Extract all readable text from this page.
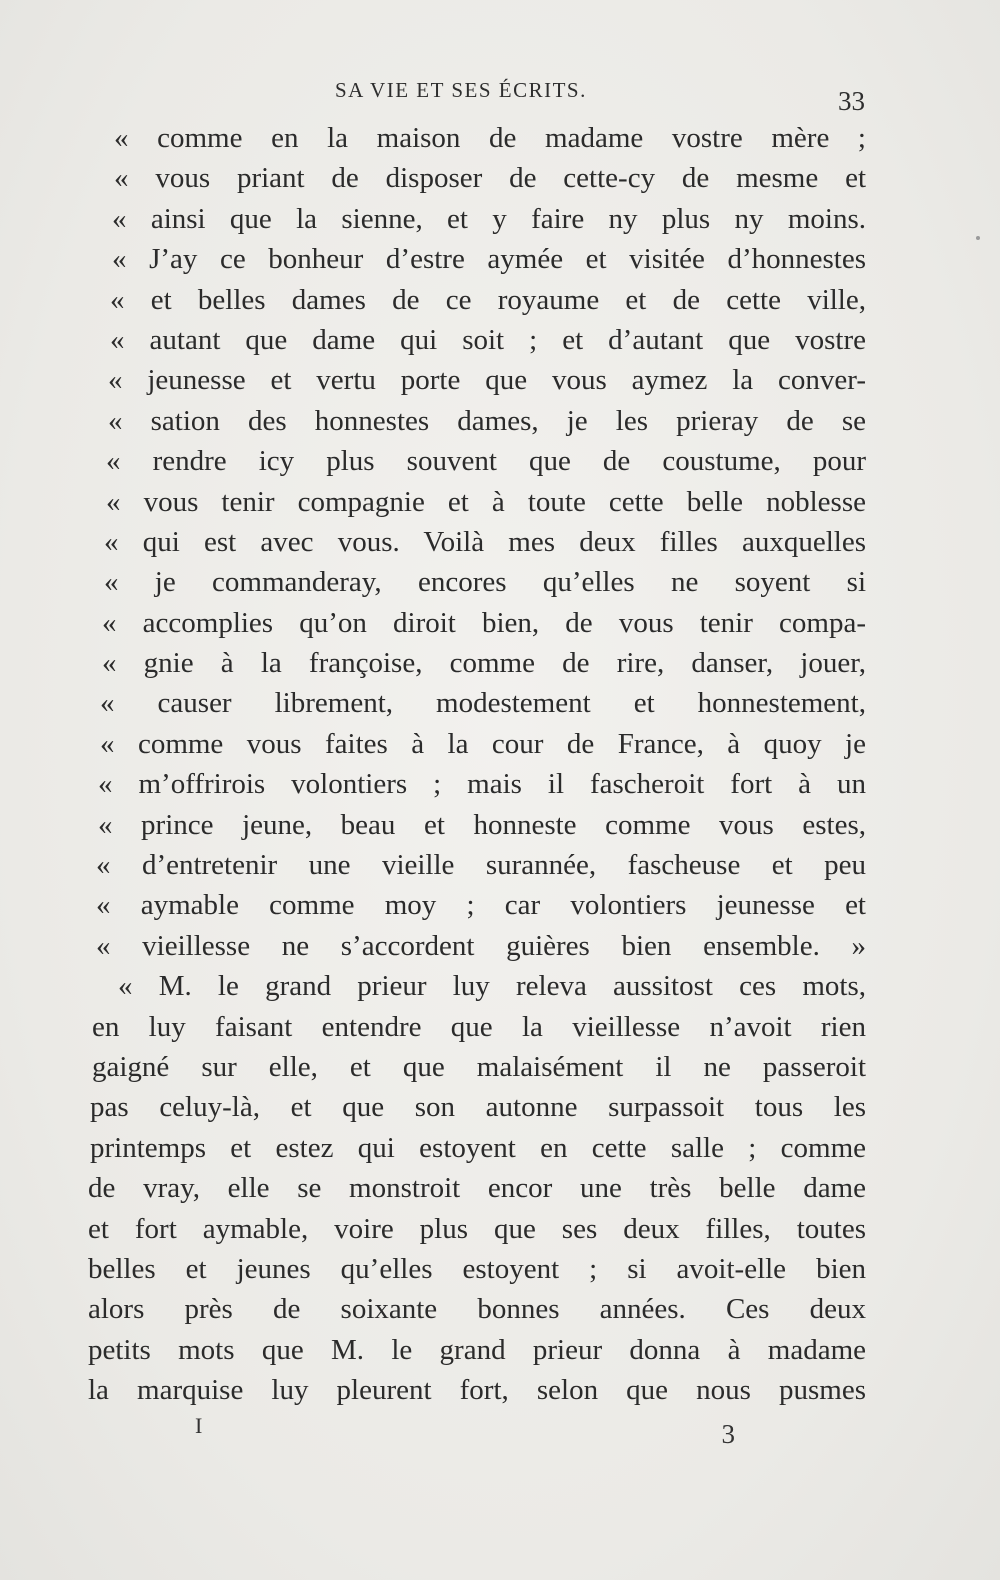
SA VIE ET SES ÉCRITS.	33
« comme en la maison de madame vostre mère ;
« vous priant de disposer de cette-cy de mesme et
« ainsi que la sienne, et y faire ny plus ny moins.
« J’ay ce bonheur d’estre aymée et visitée d’honnestes
« et belles dames de ce royaume et de cette ville,
« autant que dame qui soit ; et d’autant que vostre
« jeunesse et vertu porte que vous aymez la conver-
« sation des honnestes dames, je les prieray de se
« rendre icy plus souvent que de coustume, pour
« vous tenir compagnie et à toute cette belle noblesse
« qui est avec vous. Voilà mes deux filles auxquelles
« je commanderay, encores qu’elles ne soyent si
« accomplies qu’on diroit bien, de vous tenir compa-
« gnie à la françoise, comme de rire, danser, jouer,
« causer librement, modestement et honnestement,
« comme vous faites à la cour de France, à quoy je
« m’offrirois volontiers ; mais il fascheroit fort à un
« prince jeune, beau et honneste comme vous estes,
« d’entretenir une vieille surannée, fascheuse et peu
« aymable comme moy ; car volontiers jeunesse et
« vieillesse ne s’accordent guières bien ensemble. »
« M. le grand prieur luy releva aussitost ces mots,
en luy faisant entendre que la vieillesse n’avoit rien
gaigné sur elle, et que malaisément il ne passeroit
pas celuy-là, et que son autonne surpassoit tous les
printemps et estez qui estoyent en cette salle ; comme
de vray, elle se monstroit encor une très belle dame
et fort aymable, voire plus que ses deux filles, toutes
belles et jeunes qu’elles estoyent ; si avoit-elle bien
alors près de soixante bonnes années. Ces deux
petits mots que M. le grand prieur donna à madame
la marquise luy pleurent fort, selon que nous pusmes
I	3
